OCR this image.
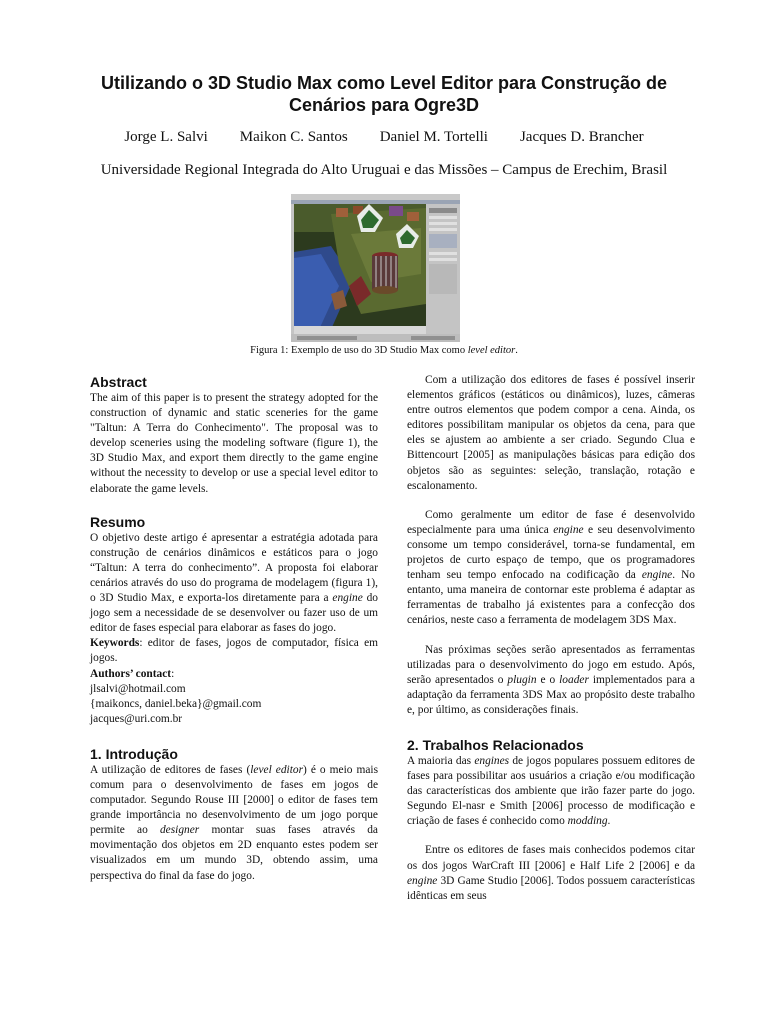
Utilizando o 3D Studio Max como Level Editor para Construção de Cenários para Ogre3D
Jorge L. Salvi Maikon C. Santos Daniel M. Tortelli Jacques D. Brancher
Universidade Regional Integrada do Alto Uruguai e das Missões – Campus de Erechim, Brasil
Figura 1: Exemplo de uso do 3D Studio Max como level editor.
Abstract

The aim of this paper is to present the strategy adopted for the construction of dynamic and static sceneries for the game "Taltun: A Terra do Conhecimento". The proposal was to develop sceneries using the modeling software (figure 1), the 3D Studio Max, and export them directly to the game engine without the necessity to develop or use a special level editor to elaborate the game levels.

Resumo

O objetivo deste artigo é apresentar a estratégia adotada para construção de cenários dinâmicos e estáticos para o jogo “Taltun: A terra do conhecimento”. A proposta foi elaborar cenários através do uso do programa de modelagem (figura 1), o 3D Studio Max, e exporta-los diretamente para a engine do jogo sem a necessidade de se desenvolver ou fazer uso de um editor de fases especial para elaborar as fases do jogo.

Keywords: editor de fases, jogos de computador, física em jogos.

Authors’ contact:

jlsalvi@hotmail.com

{maikoncs, daniel.beka}@gmail.com

jacques@uri.com.br

1. Introdução

A utilização de editores de fases (level editor) é o meio mais comum para o desenvolvimento de fases em jogos de computador. Segundo Rouse III [2000] o editor de fases tem grande importância no desenvolvimento de um jogo porque permite ao designer montar suas fases através da movimentação dos objetos em 2D enquanto estes podem ser visualizados em um mundo 3D, obtendo assim, uma perspectiva do final da fase do jogo.

Com a utilização dos editores de fases é possível inserir elementos gráficos (estáticos ou dinâmicos), luzes, câmeras entre outros elementos que podem compor a cena. Ainda, os editores possibilitam manipular os objetos da cena, para que eles se ajustem ao ambiente a ser criado. Segundo Clua e Bittencourt [2005] as manipulações básicas para edição dos objetos são as seguintes: seleção, translação, rotação e escalonamento.

Como geralmente um editor de fase é desenvolvido especialmente para uma única engine e seu desenvolvimento consome um tempo considerável, torna-se fundamental, em projetos de curto espaço de tempo, que os programadores tenham seu tempo enfocado na codificação da engine. No entanto, uma maneira de contornar este problema é adaptar as ferramentas de trabalho já existentes para a confecção dos cenários, neste caso a ferramenta de modelagem 3DS Max.

Nas próximas seções serão apresentados as ferramentas utilizadas para o desenvolvimento do jogo em estudo. Após, serão apresentados o plugin e o loader implementados para a adaptação da ferramenta 3DS Max ao propósito deste trabalho e, por último, as considerações finais.

2. Trabalhos Relacionados

A maioria das engines de jogos populares possuem editores de fases para possibilitar aos usuários a criação e/ou modificação das características dos ambiente que irão fazer parte do jogo. Segundo El-nasr e Smith [2006] processo de modificação e criação de fases é conhecido como modding.

Entre os editores de fases mais conhecidos podemos citar os dos jogos WarCraft III [2006] e Half Life 2 [2006] e da engine 3D Game Studio [2006]. Todos possuem características idênticas em seus
